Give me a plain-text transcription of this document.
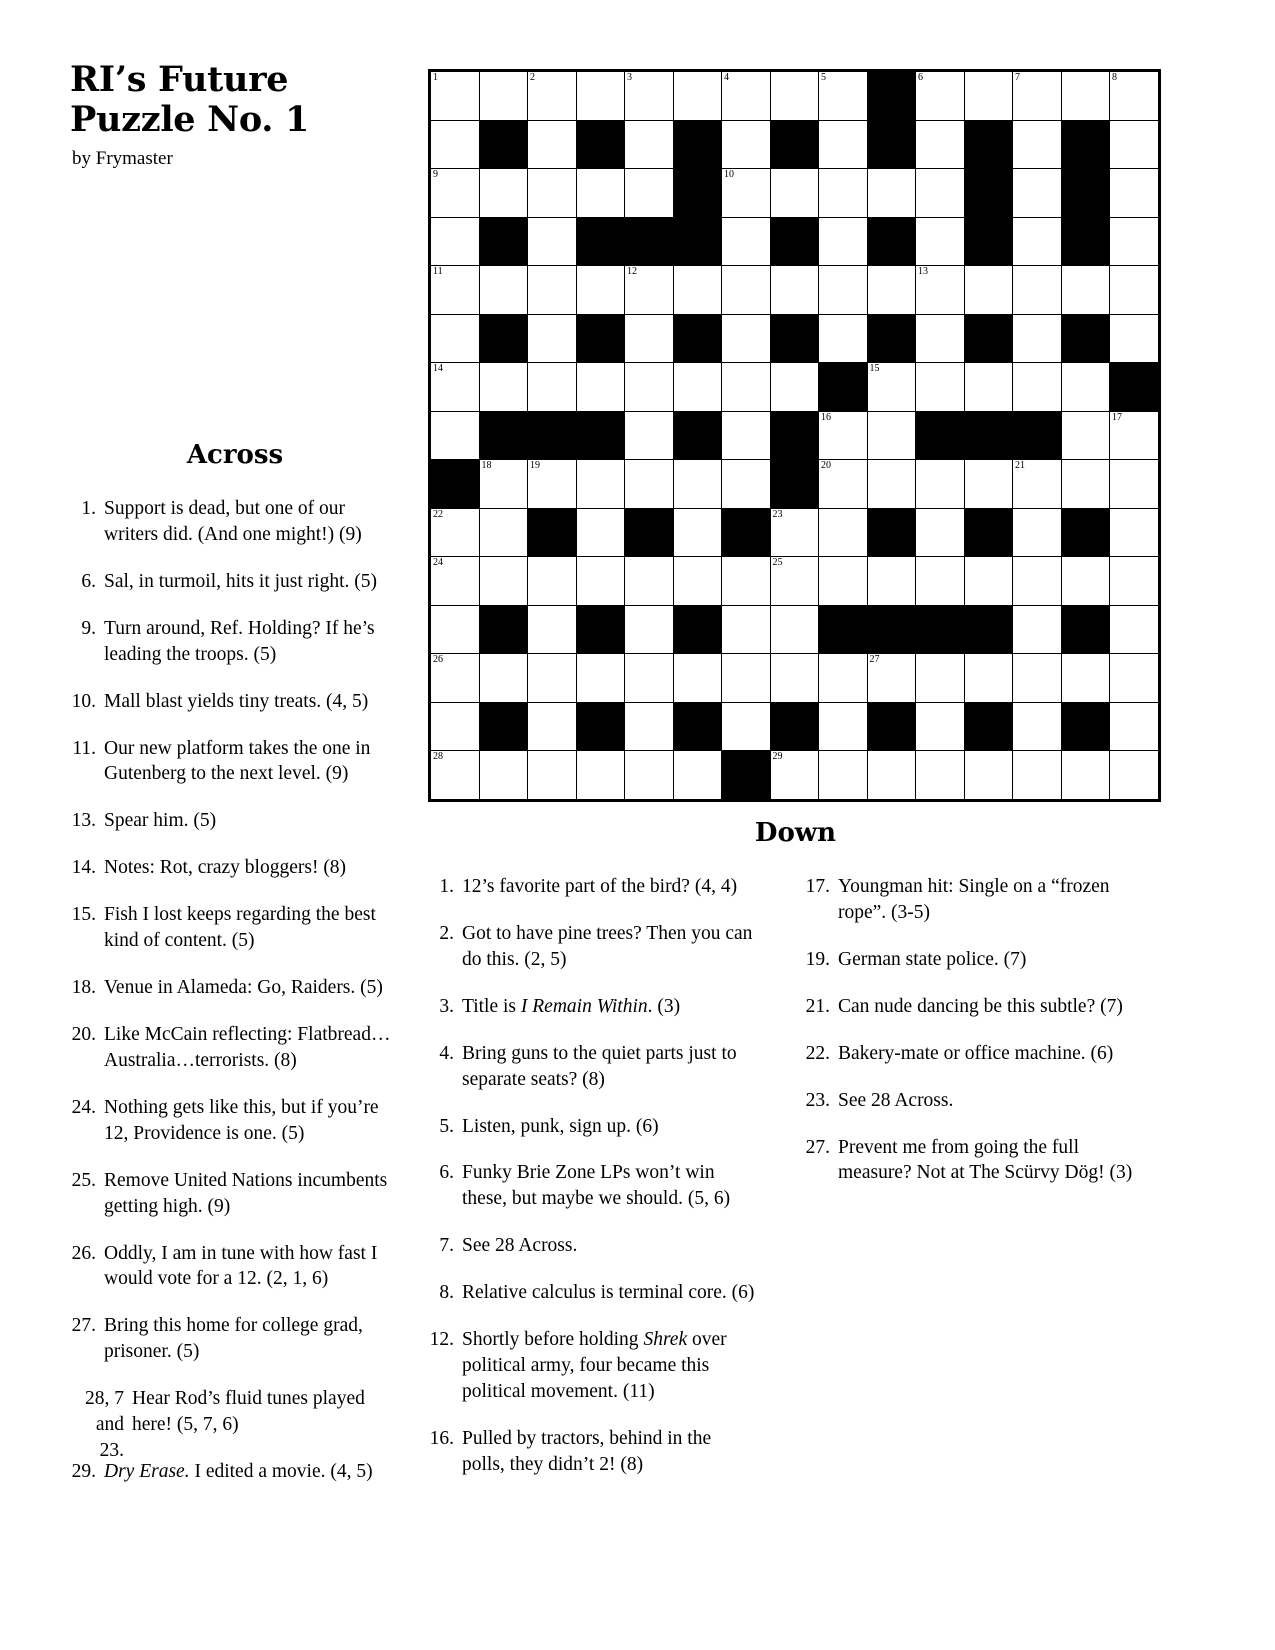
RI’s Future
Puzzle No. 1
by Frymaster
1		2		3		4		5		6		7		8

9						10								

11				12						13				

14									15					

								16						17

	18	19						20				21		

22							23							

24							25							

26									27					

28							29							

Across
1. Support is dead, but one of our writers did. (And one might!) (9)
6. Sal, in turmoil, hits it just right. (5)
9. Turn around, Ref. Holding? If he’s leading the troops. (5)
10. Mall blast yields tiny treats. (4, 5)
11. Our new platform takes the one in Gutenberg to the next level. (9)
13. Spear him. (5)
14. Notes: Rot, crazy bloggers! (8)
15. Fish I lost keeps regarding the best kind of content. (5)
18. Venue in Alameda: Go, Raiders. (5)
20. Like McCain reflecting: Flatbread… Australia…terrorists. (8)
24. Nothing gets like this, but if you’re 12, Providence is one. (5)
25. Remove United Nations incumbents getting high. (9)
26. Oddly, I am in tune with how fast I would vote for a 12. (2, 1, 6)
27. Bring this home for college grad, prisoner. (5)
28, 7 and 23.
Hear Rod’s fluid tunes played here! (5, 7, 6)
29. Dry Erase. I edited a movie. (4, 5)
Down
1. 12’s favorite part of the bird? (4, 4)
2. Got to have pine trees? Then you can do this. (2, 5)
3. Title is I Remain Within. (3)
4. Bring guns to the quiet parts just to separate seats? (8)
5. Listen, punk, sign up. (6)
6. Funky Brie Zone LPs won’t win these, but maybe we should. (5, 6)
7. See 28 Across.
8. Relative calculus is terminal core. (6)
12. Shortly before holding Shrek over political army, four became this political movement. (11)
16. Pulled by tractors, behind in the polls, they didn’t 2! (8)
17. Youngman hit: Single on a “frozen rope”. (3-5)
19. German state police. (7)
21. Can nude dancing be this subtle? (7)
22. Bakery-mate or office machine. (6)
23. See 28 Across.
27. Prevent me from going the full measure? Not at The Scürvy Dög! (3)
